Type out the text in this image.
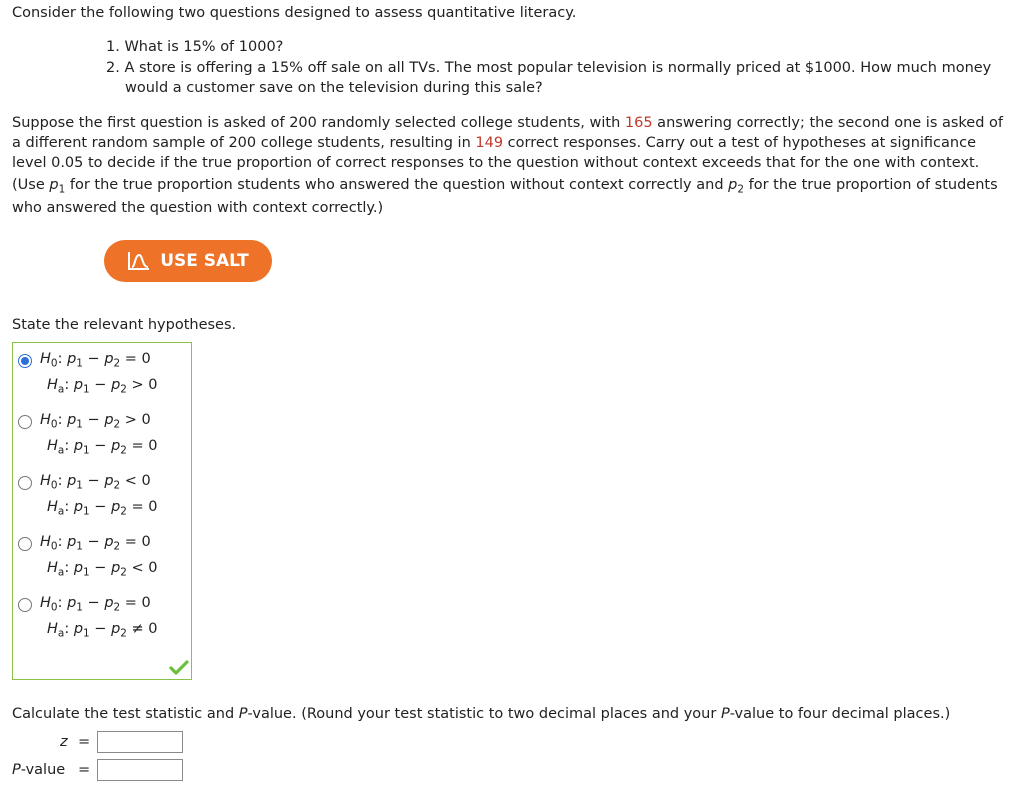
Consider the following two questions designed to assess quantitative literacy.
1. What is 15% of 1000?
2. A store is offering a 15% off sale on all TVs. The most popular television is normally priced at $1000. How much money
would a customer save on the television during this sale?
Suppose the first question is asked of 200 randomly selected college students, with 165 answering correctly; the second one is asked of
a different random sample of 200 college students, resulting in 149 correct responses. Carry out a test of hypotheses at significance
level 0.05 to decide if the true proportion of correct responses to the question without context exceeds that for the one with context.
(Use $p_1$ for the true proportion students who answered the question without context correctly and $p_2$ for the true proportion of students
who answered the question with context correctly.)
USE SALT
State the relevant hypotheses.
$H_0$: $p_1 - p_2 = 0$
$H_a$: $p_1 - p_2 > 0$
$H_0$: $p_1 - p_2 > 0$
$H_a$: $p_1 - p_2 = 0$
$H_0$: $p_1 - p_2 < 0$
$H_a$: $p_1 - p_2 = 0$
$H_0$: $p_1 - p_2 = 0$
$H_a$: $p_1 - p_2 < 0$
$H_0$: $p_1 - p_2 = 0$
$H_a$: $p_1 - p_2 \ne 0$
Calculate the test statistic and P-value. (Round your test statistic to two decimal places and your P-value to four decimal places.)
z =
P-value =
